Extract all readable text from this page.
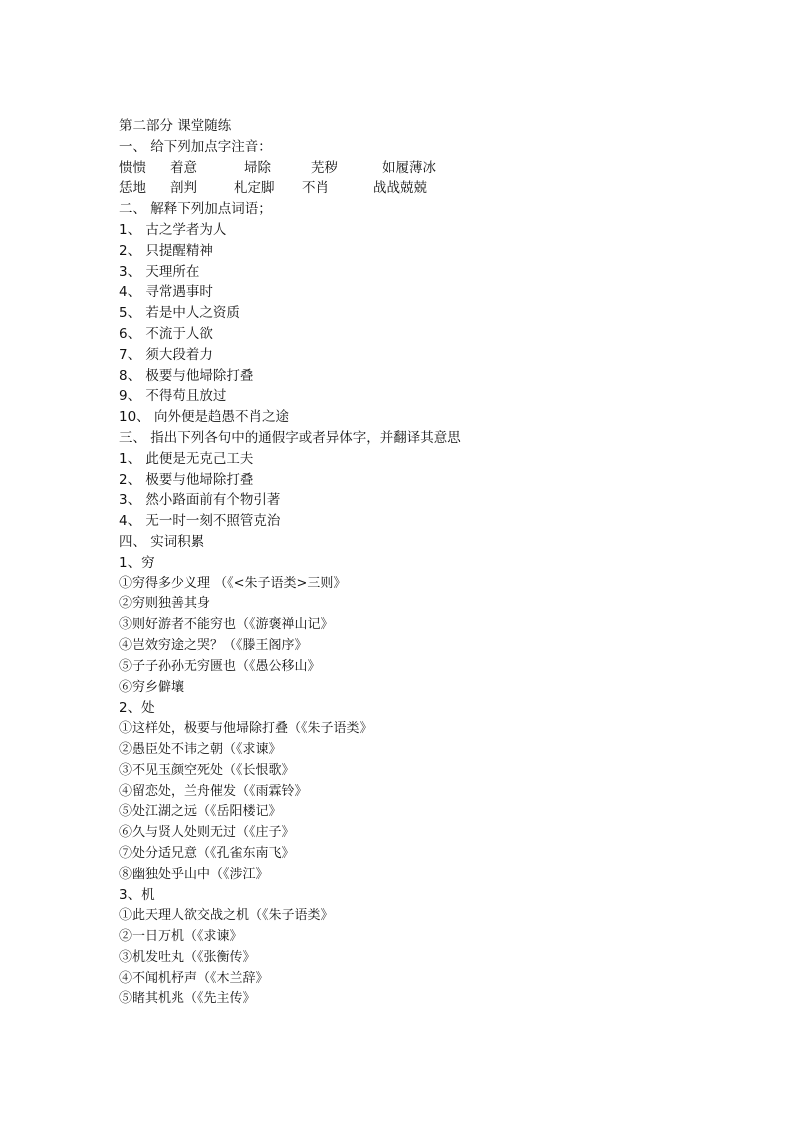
第二部分 课堂随练
一、 给下列加点字注音：
愦愦	着意	埽除	芜秽	如履薄冰
恁地	剖判	札定脚	不肖	战战兢兢
二、 解释下列加点词语；
1、 古之学者为人
2、 只提醒精神
3、 天理所在
4、 寻常遇事时
5、 若是中人之资质
6、 不流于人欲
7、 须大段着力
8、 极要与他埽除打叠
9、 不得苟且放过
10、 向外便是趋愚不肖之途
三、 指出下列各句中的通假字或者异体字，并翻译其意思
1、 此便是无克己工夫
2、 极要与他埽除打叠
3、 然小路面前有个物引著
4、 无一时一刻不照管克治
四、 实词积累
1、穷
①穷得多少义理 （《<朱子语类>三则》
②穷则独善其身
③则好游者不能穷也（《游褒禅山记》
④岂效穷途之哭？（《滕王阁序》
⑤子子孙孙无穷匮也（《愚公移山》
⑥穷乡僻壤
2、处
①这样处，极要与他埽除打叠（《朱子语类》
②愚臣处不讳之朝（《求谏》
③不见玉颜空死处（《长恨歌》
④留恋处，兰舟催发（《雨霖铃》
⑤处江湖之远（《岳阳楼记》
⑥久与贤人处则无过（《庄子》
⑦处分适兄意（《孔雀东南飞》
⑧幽独处乎山中（《涉江》
3、机
①此天理人欲交战之机（《朱子语类》
②一日万机（《求谏》
③机发吐丸（《张衡传》
④不闻机杼声（《木兰辞》
⑤睹其机兆（《先主传》
